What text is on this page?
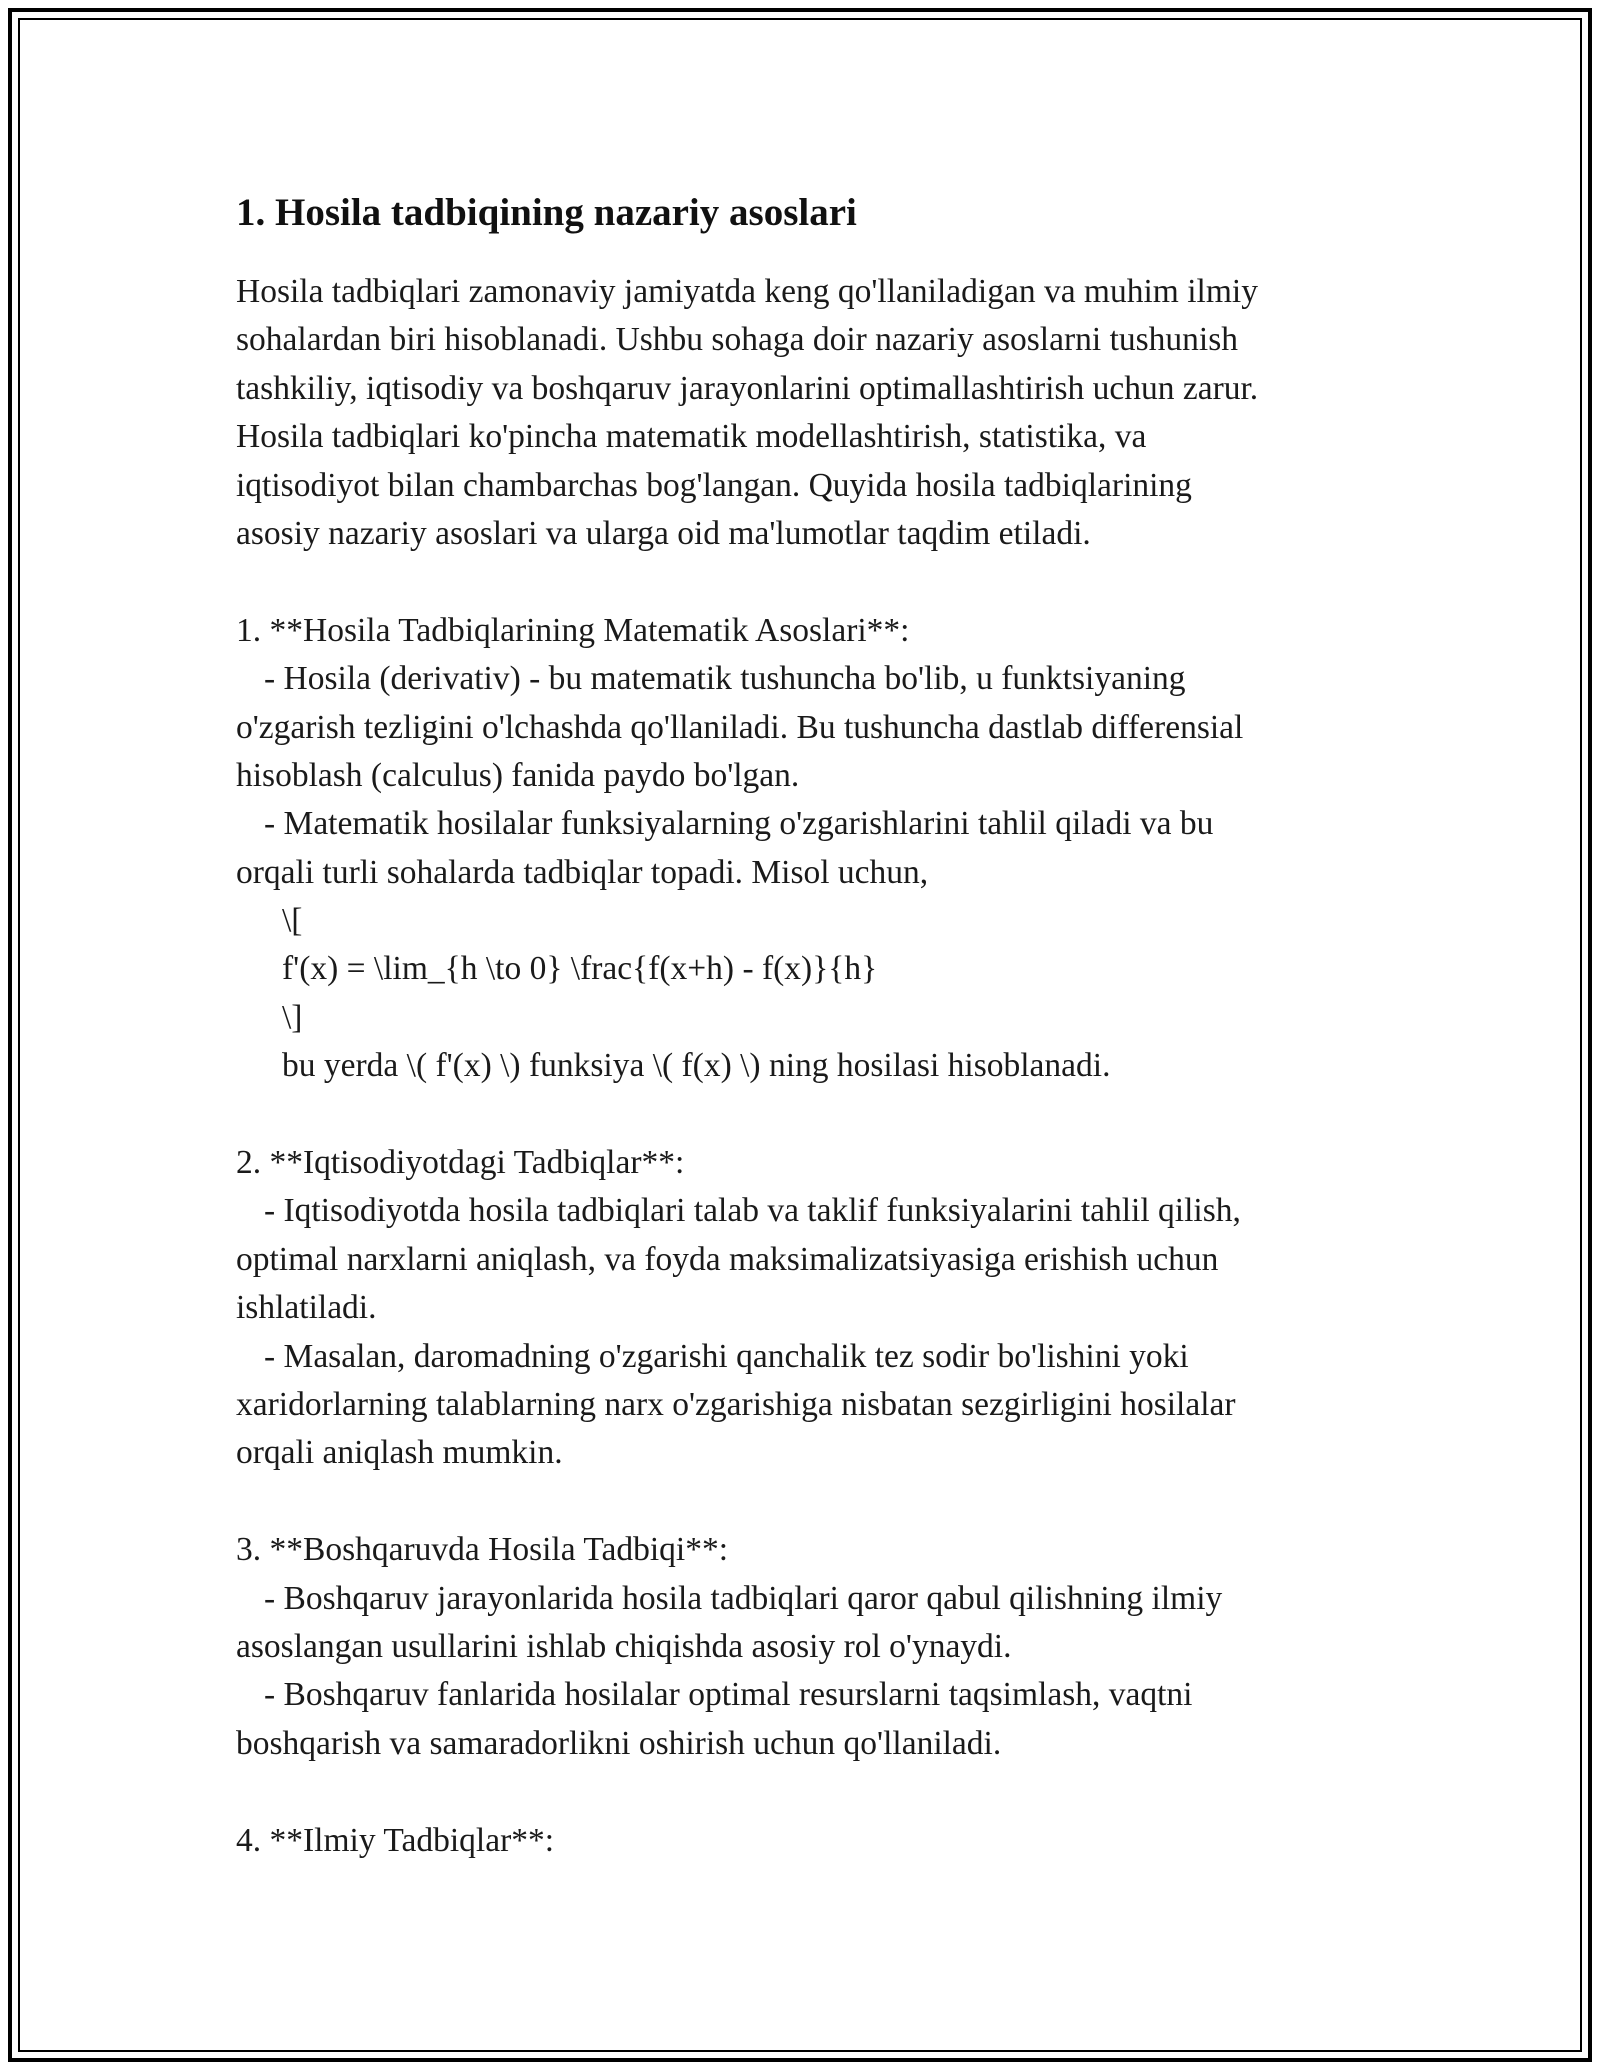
1. Hosila tadbiqining nazariy asoslari
Hosila tadbiqlari zamonaviy jamiyatda keng qo'llaniladigan va muhim ilmiy
sohalardan biri hisoblanadi. Ushbu sohaga doir nazariy asoslarni tushunish
tashkiliy, iqtisodiy va boshqaruv jarayonlarini optimallashtirish uchun zarur.
Hosila tadbiqlari ko'pincha matematik modellashtirish, statistika, va
iqtisodiyot bilan chambarchas bog'langan. Quyida hosila tadbiqlarining
asosiy nazariy asoslari va ularga oid ma'lumotlar taqdim etiladi.
1. **Hosila Tadbiqlarining Matematik Asoslari**:
- Hosila (derivativ) - bu matematik tushuncha bo'lib, u funktsiyaning
o'zgarish tezligini o'lchashda qo'llaniladi. Bu tushuncha dastlab differensial
hisoblash (calculus) fanida paydo bo'lgan.
- Matematik hosilalar funksiyalarning o'zgarishlarini tahlil qiladi va bu
orqali turli sohalarda tadbiqlar topadi. Misol uchun,
\[
f'(x) = \lim_{h \to 0} \frac{f(x+h) - f(x)}{h}
\]
bu yerda \( f'(x) \) funksiya \( f(x) \) ning hosilasi hisoblanadi.
2. **Iqtisodiyotdagi Tadbiqlar**:
- Iqtisodiyotda hosila tadbiqlari talab va taklif funksiyalarini tahlil qilish,
optimal narxlarni aniqlash, va foyda maksimalizatsiyasiga erishish uchun
ishlatiladi.
- Masalan, daromadning o'zgarishi qanchalik tez sodir bo'lishini yoki
xaridorlarning talablarning narx o'zgarishiga nisbatan sezgirligini hosilalar
orqali aniqlash mumkin.
3. **Boshqaruvda Hosila Tadbiqi**:
- Boshqaruv jarayonlarida hosila tadbiqlari qaror qabul qilishning ilmiy
asoslangan usullarini ishlab chiqishda asosiy rol o'ynaydi.
- Boshqaruv fanlarida hosilalar optimal resurslarni taqsimlash, vaqtni
boshqarish va samaradorlikni oshirish uchun qo'llaniladi.
4. **Ilmiy Tadbiqlar**:
